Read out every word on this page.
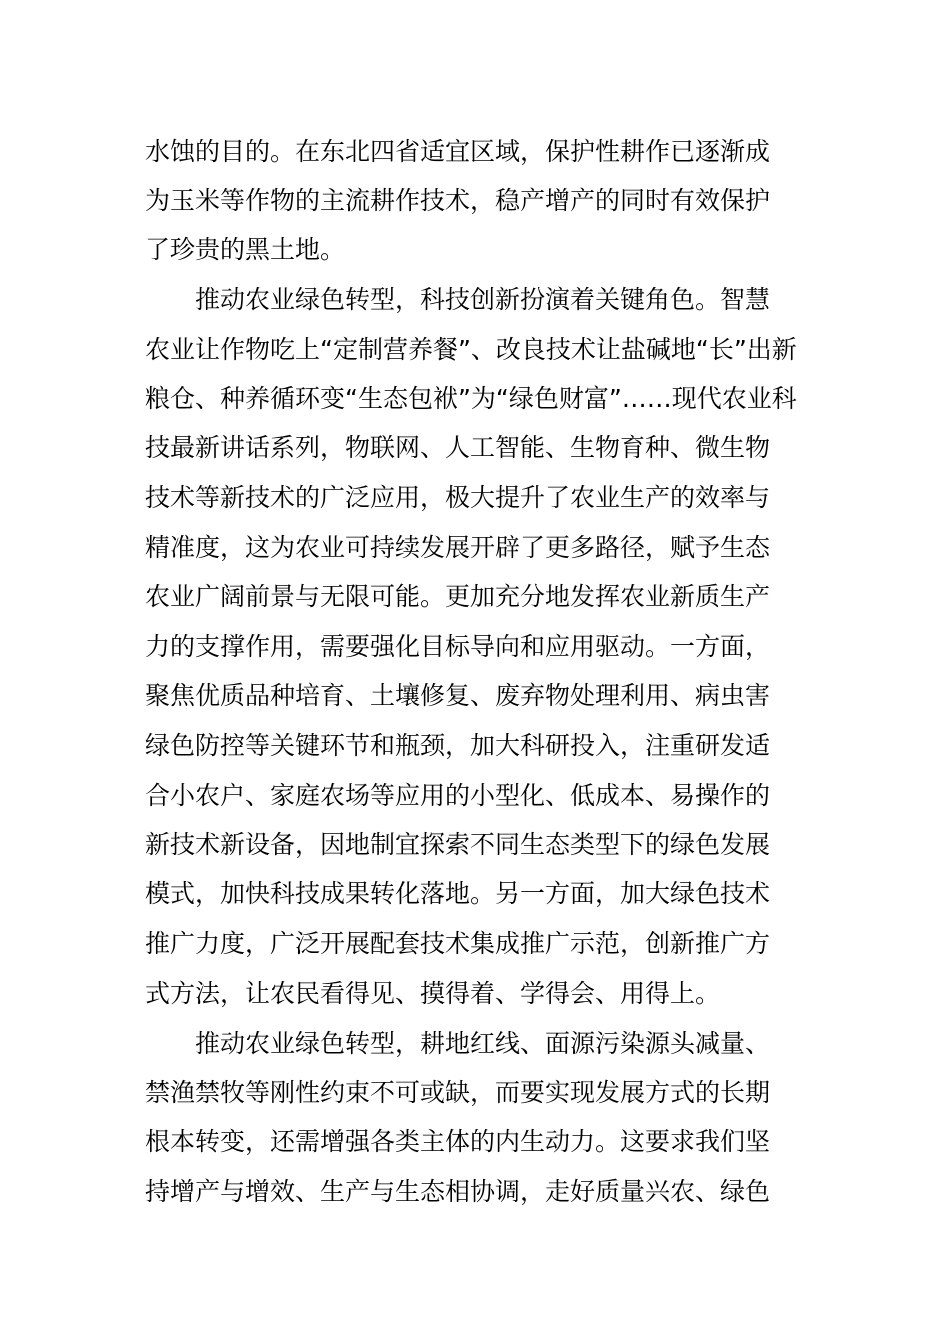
水蚀的目的。在东北四省适宜区域，保护性耕作已逐渐成
为玉米等作物的主流耕作技术，稳产增产的同时有效保护
了珍贵的黑土地。
推动农业绿色转型，科技创新扮演着关键角色。智慧
农业让作物吃上“定制营养餐”、改良技术让盐碱地“长”出新
粮仓、种养循环变“生态包袱”为“绿色财富”……现代农业科
技最新讲话系列，物联网、人工智能、生物育种、微生物
技术等新技术的广泛应用，极大提升了农业生产的效率与
精准度，这为农业可持续发展开辟了更多路径，赋予生态
农业广阔前景与无限可能。更加充分地发挥农业新质生产
力的支撑作用，需要强化目标导向和应用驱动。一方面，
聚焦优质品种培育、土壤修复、废弃物处理利用、病虫害
绿色防控等关键环节和瓶颈，加大科研投入，注重研发适
合小农户、家庭农场等应用的小型化、低成本、易操作的
新技术新设备，因地制宜探索不同生态类型下的绿色发展
模式，加快科技成果转化落地。另一方面，加大绿色技术
推广力度，广泛开展配套技术集成推广示范，创新推广方
式方法，让农民看得见、摸得着、学得会、用得上。
推动农业绿色转型，耕地红线、面源污染源头减量、
禁渔禁牧等刚性约束不可或缺，而要实现发展方式的长期
根本转变，还需增强各类主体的内生动力。这要求我们坚
持增产与增效、生产与生态相协调，走好质量兴农、绿色
